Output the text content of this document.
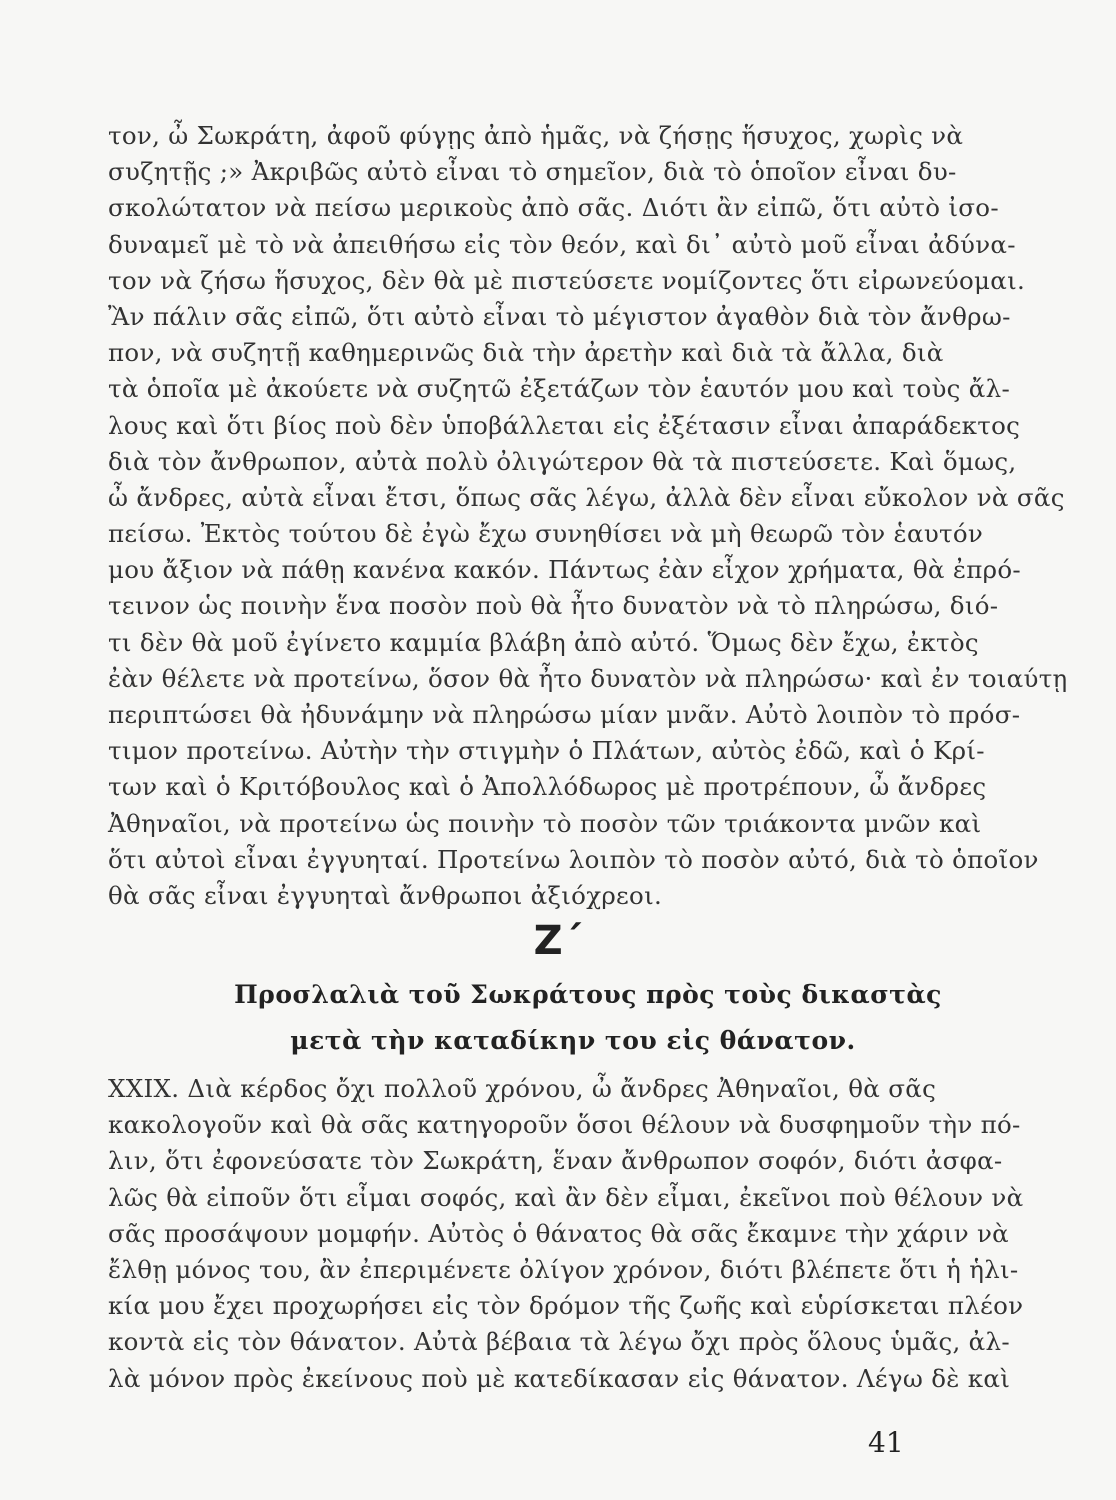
τον, ὦ Σωκράτη, ἀφοῦ φύγῃς ἀπὸ ἡμᾶς, νὰ ζήσῃς ἥσυχος, χωρὶς νὰ
συζητῇς ;» Ἀκριβῶς αὐτὸ εἶναι τὸ σημεῖον, διὰ τὸ ὁποῖον εἶναι δυ-
σκολώτατον νὰ πείσω μερικοὺς ἀπὸ σᾶς. Διότι ἂν εἰπῶ, ὅτι αὐτὸ ἰσο-
δυναμεῖ μὲ τὸ νὰ ἀπειθήσω εἰς τὸν θεόν, καὶ δι᾽ αὐτὸ μοῦ εἶναι ἀδύνα-
τον νὰ ζήσω ἥσυχος, δὲν θὰ μὲ πιστεύσετε νομίζοντες ὅτι εἰρωνεύομαι.
Ἂν πάλιν σᾶς εἰπῶ, ὅτι αὐτὸ εἶναι τὸ μέγιστον ἀγαθὸν διὰ τὸν ἄνθρω-
πον, νὰ συζητῇ καθημερινῶς διὰ τὴν ἀρετὴν καὶ διὰ τὰ ἄλλα, διὰ
τὰ ὁποῖα μὲ ἀκούετε νὰ συζητῶ ἐξετάζων τὸν ἑαυτόν μου καὶ τοὺς ἄλ-
λους καὶ ὅτι βίος ποὺ δὲν ὑποβάλλεται εἰς ἐξέτασιν εἶναι ἀπαράδεκτος
διὰ τὸν ἄνθρωπον, αὐτὰ πολὺ ὀλιγώτερον θὰ τὰ πιστεύσετε. Καὶ ὅμως,
ὦ ἄνδρες, αὐτὰ εἶναι ἔτσι, ὅπως σᾶς λέγω, ἀλλὰ δὲν εἶναι εὔκολον νὰ σᾶς
πείσω. Ἐκτὸς τούτου δὲ ἐγὼ ἔχω συνηθίσει νὰ μὴ θεωρῶ τὸν ἑαυτόν
μου ἄξιον νὰ πάθῃ κανένα κακόν. Πάντως ἐὰν εἶχον χρήματα, θὰ ἐπρό-
τεινον ὡς ποινὴν ἕνα ποσὸν ποὺ θὰ ἦτο δυνατὸν νὰ τὸ πληρώσω, διό-
τι δὲν θὰ μοῦ ἐγίνετο καμμία βλάβη ἀπὸ αὐτό. Ὅμως δὲν ἔχω, ἐκτὸς
ἐὰν θέλετε νὰ προτείνω, ὅσον θὰ ἦτο δυνατὸν νὰ πληρώσω· καὶ ἐν τοιαύτῃ
περιπτώσει θὰ ἠδυνάμην νὰ πληρώσω μίαν μνᾶν. Αὐτὸ λοιπὸν τὸ πρόσ-
τιμον προτείνω. Αὐτὴν τὴν στιγμὴν ὁ Πλάτων, αὐτὸς ἐδῶ, καὶ ὁ Κρί-
των καὶ ὁ Κριτόβουλος καὶ ὁ Ἀπολλόδωρος μὲ προτρέπουν, ὦ ἄνδρες
Ἀθηναῖοι, νὰ προτείνω ὡς ποινὴν τὸ ποσὸν τῶν τριάκοντα μνῶν καὶ
ὅτι αὐτοὶ εἶναι ἐγγυηταί. Προτείνω λοιπὸν τὸ ποσὸν αὐτό, διὰ τὸ ὁποῖον
θὰ σᾶς εἶναι ἐγγυηταὶ ἄνθρωποι ἀξιόχρεοι.
Ζ΄
Προσλαλιὰ τοῦ Σωκράτους πρὸς τοὺς δικαστὰς
μετὰ τὴν καταδίκην του εἰς θάνατον.
XXIX. Διὰ κέρδος ὄχι πολλοῦ χρόνου, ὦ ἄνδρες Ἀθηναῖοι, θὰ σᾶς
κακολογοῦν καὶ θὰ σᾶς κατηγοροῦν ὅσοι θέλουν νὰ δυσφημοῦν τὴν πό-
λιν, ὅτι ἐφονεύσατε τὸν Σωκράτη, ἕναν ἄνθρωπον σοφόν, διότι ἀσφα-
λῶς θὰ εἰποῦν ὅτι εἶμαι σοφός, καὶ ἂν δὲν εἶμαι, ἐκεῖνοι ποὺ θέλουν νὰ
σᾶς προσάψουν μομφήν. Αὐτὸς ὁ θάνατος θὰ σᾶς ἔκαμνε τὴν χάριν νὰ
ἔλθῃ μόνος του, ἂν ἐπεριμένετε ὀλίγον χρόνον, διότι βλέπετε ὅτι ἡ ἡλι-
κία μου ἔχει προχωρήσει εἰς τὸν δρόμον τῆς ζωῆς καὶ εὑρίσκεται πλέον
κοντὰ εἰς τὸν θάνατον. Αὐτὰ βέβαια τὰ λέγω ὄχι πρὸς ὅλους ὑμᾶς, ἀλ-
λὰ μόνον πρὸς ἐκείνους ποὺ μὲ κατεδίκασαν εἰς θάνατον. Λέγω δὲ καὶ
41
